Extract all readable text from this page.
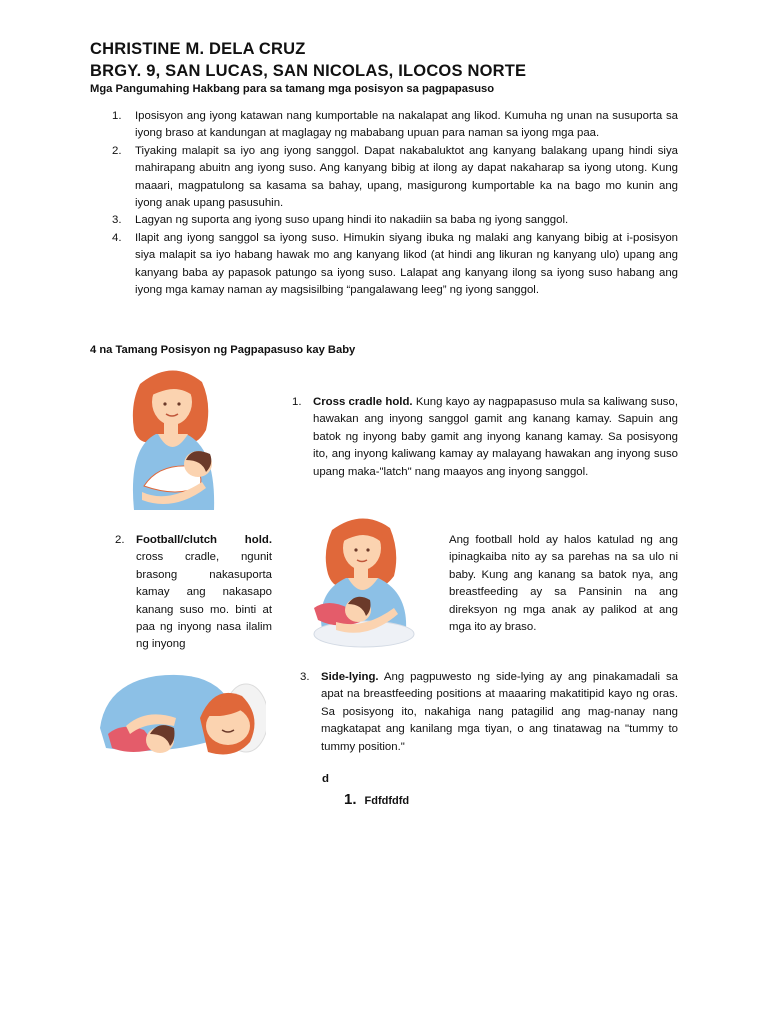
CHRISTINE M. DELA CRUZ
BRGY. 9, SAN LUCAS, SAN NICOLAS, ILOCOS NORTE
Mga Pangumahing Hakbang para sa tamang mga posisyon sa pagpapasuso
1. Iposisyon ang iyong katawan nang kumportable na nakalapat ang likod. Kumuha ng unan na susuporta sa iyong braso at kandungan at maglagay ng mababang upuan para naman sa iyong mga paa.
2. Tiyaking malapit sa iyo ang iyong sanggol. Dapat nakabaluktot ang kanyang balakang upang hindi siya mahirapang abuitn ang iyong suso. Ang kanyang bibig at ilong ay dapat nakaharap sa iyong utong. Kung maaari, magpatulong sa kasama sa bahay, upang, masigurong kumportable ka na bago mo kunin ang iyong anak upang pasusuhin.
3. Lagyan ng suporta ang iyong suso upang hindi ito nakadiin sa baba ng iyong sanggol.
4. Ilapit ang iyong sanggol sa iyong suso. Himukin siyang ibuka ng malaki ang kanyang bibig at i-posisyon siya malapit sa iyo habang hawak mo ang kanyang likod (at hindi ang likuran ng kanyang ulo) upang ang kanyang baba ay papasok patungo sa iyong suso. Lalapat ang kanyang ilong sa iyong suso habang ang iyong mga kamay naman ay magsisilbing “pangalawang leeg” ng iyong sanggol.
4 na Tamang Posisyon ng Pagpapasuso kay Baby
1. Cross cradle hold. Kung kayo ay nagpapasuso mula sa kaliwang suso, hawakan ang inyong sanggol gamit ang kanang kamay. Sapuin ang batok ng inyong baby gamit ang inyong kanang kamay. Sa posisyong ito, ang inyong kaliwang kamay ay malayang hawakan ang inyong suso upang maka-"latch" nang maayos ang inyong sanggol.
2. Football/clutch hold. cross cradle, ngunit brasong nakasuporta kamay ang nakasapo kanang suso mo. binti at paa ng inyong nasa ilalim ng inyong
Ang football hold ay halos katulad ng ang ipinagkaiba nito ay sa parehas na sa ulo ni baby. Kung ang kanang sa batok nya, ang breastfeeding ay sa Pansinin na ang direksyon ng mga anak ay palikod at ang mga ito ay braso.
3. Side-lying. Ang pagpuwesto ng side-lying ay ang pinakamadali sa apat na breastfeeding positions at maaaring makatitipid kayo ng oras. Sa posisyong ito, nakahiga nang patagilid ang mag-nanay nang magkatapat ang kanilang mga tiyan, o ang tinatawag na "tummy to tummy position."
d
1. Fdfdfdfd
